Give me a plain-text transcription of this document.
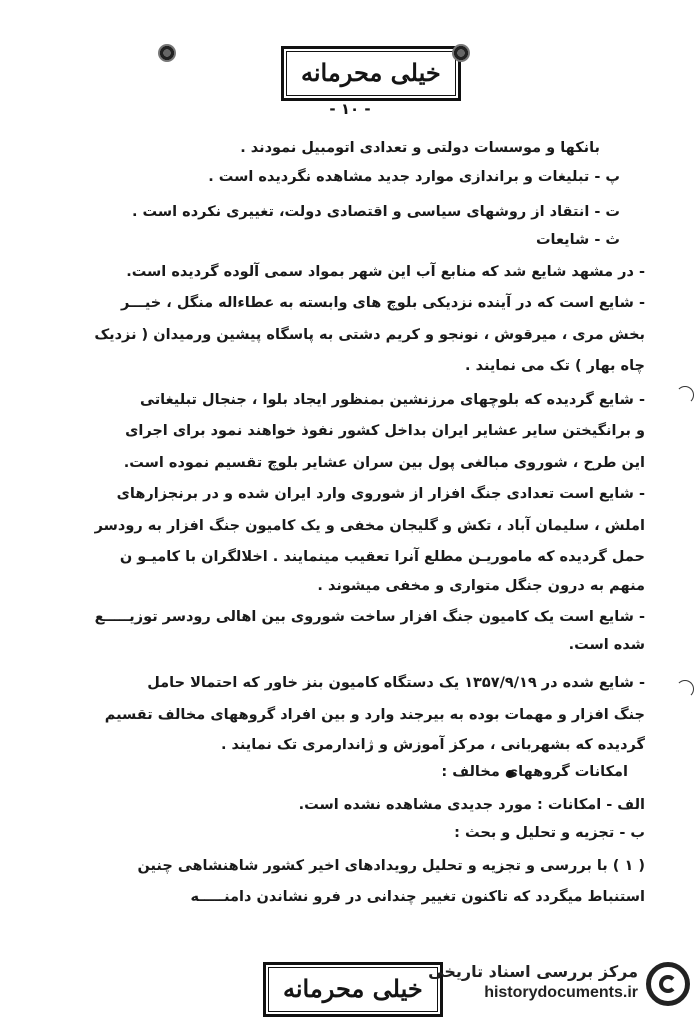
خیلی محرمانه
- ۱۰ -
بانکها و موسسات دولتی و تعدادی اتومبیل نمودند .
پ - تبلیغات و براندازی موارد جدید مشاهده نگردیده است .
ت - انتقاد از روشهای سیاسی و اقتصادی دولت، تغییری نکرده است .
ث - شایعات
- در مشهد شایع شد که منابع آب این شهر بمواد سمی آلوده گردیده است.
- شایع است که در آینده نزدیکی بلوچ های وابسته به عطاءاله منگل ، خیـــر
بخش مری ، میرقوش ، نونجو و کریم دشتی به پاسگاه پیشین ورمیدان ( نزدیک
چاه بهار ) تک می نمایند .
- شایع گردیده که بلوچهای مرزنشین بمنظور ایجاد بلوا ، جنجال تبلیغاتی
و برانگیختن سایر عشایر ایران بداخل کشور نفوذ خواهند نمود برای اجرای
این طرح ، شوروی مبالغی پول بین سران عشایر بلوچ تقسیم نموده است.
- شایع است تعدادی جنگ افزار از شوروی وارد ایران شده و در برنجزارهای
املش ، سلیمان آباد ، تکش و گلیجان مخفی و یک کامیون جنگ افزار به رودسر
حمل گردیده که ماموریـن مطلع آنرا تعقیب مینمایند . اخلالگران با کامیـو ن
منهم به درون جنگل متواری و مخفی میشوند .
- شایع است یک کامیون جنگ افزار ساخت شوروی بین اهالی رودسر توزیـــــع
شده است.
- شایع شده در ۱۳۵۷/۹/۱۹ یک دستگاه کامیون بنز خاور که احتمالا حامل
جنگ افزار و مهمات بوده به بیرجند وارد و بین افراد گروههای مخالف تقسیم
گردیده که بشهربانی ، مرکز آموزش و ژاندارمری تک نمایند .
امکانات گروههای مخالف :
الف - امکانات : مورد جدیدی مشاهده نشده است.
ب - تجزیه و تحلیل و بحث :
( ۱ ) با بررسی و تجزیه و تحلیل رویدادهای اخیر کشور شاهنشاهی چنین
استنباط میگردد که تاکنون تغییر چندانی در فرو نشاندن دامنـــــه
خیلی محرمانه
مرکز بررسی اسناد تاریخی
historydocuments.ir
